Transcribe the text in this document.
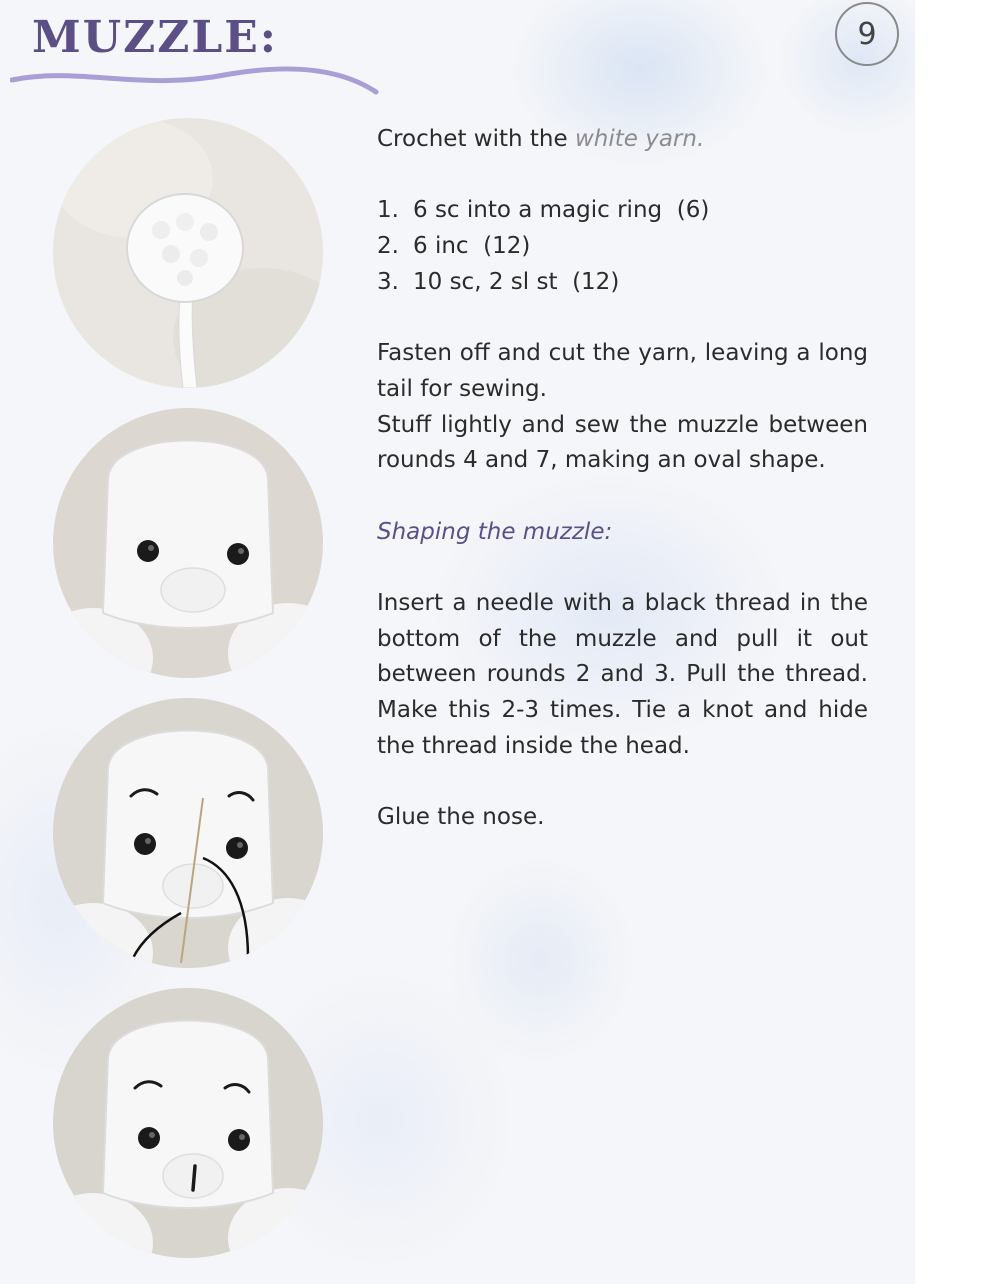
MUZZLE:	9

Crochet with the white yarn.

1. 6 sc into a magic ring  (6)
2. 6 inc  (12)
3. 10 sc, 2 sl st  (12)

Fasten off and cut the yarn, leaving a long tail for sewing.

Stuff lightly and sew the muzzle between rounds 4 and 7, making an oval shape.

Shaping the muzzle:

Insert a needle with a black thread in the bottom of the muzzle and pull it out between rounds 2 and 3. Pull the thread. Make this 2-3 times. Tie a knot and hide the thread inside the head.

Glue the nose.
